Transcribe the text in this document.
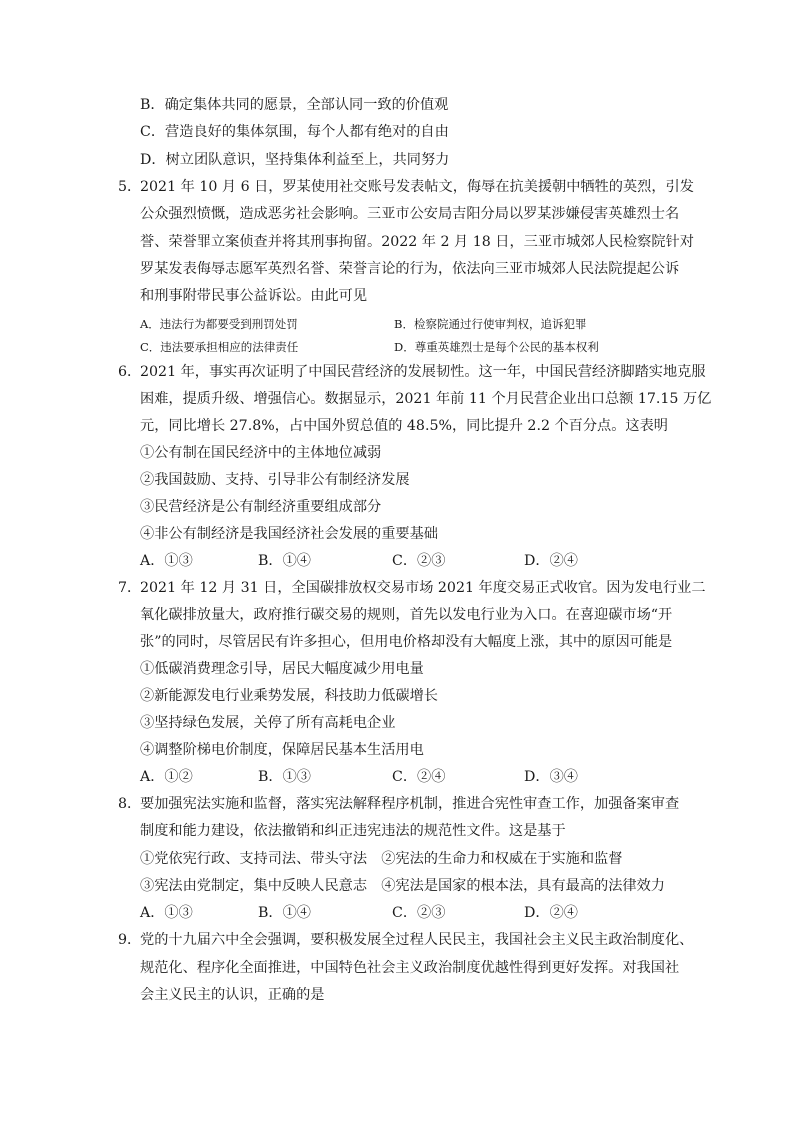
B．确定集体共同的愿景，全部认同一致的价值观
C．营造良好的集体氛围，每个人都有绝对的自由
D．树立团队意识，坚持集体利益至上，共同努力
5．2021 年 10 月 6 日，罗某使用社交账号发表帖文，侮辱在抗美援朝中牺牲的英烈，引发
公众强烈愤慨，造成恶劣社会影响。三亚市公安局吉阳分局以罗某涉嫌侵害英雄烈士名
誉、荣誉罪立案侦查并将其刑事拘留。2022 年 2 月 18 日，三亚市城郊人民检察院针对
罗某发表侮辱志愿军英烈名誉、荣誉言论的行为，依法向三亚市城郊人民法院提起公诉
和刑事附带民事公益诉讼。由此可见
A．违法行为都要受到刑罚处罚	B．检察院通过行使审判权，追诉犯罪
C．违法要承担相应的法律责任	D．尊重英雄烈士是每个公民的基本权利
6．2021 年，事实再次证明了中国民营经济的发展韧性。这一年，中国民营经济脚踏实地克服
困难，提质升级、增强信心。数据显示，2021 年前 11 个月民营企业出口总额 17.15 万亿
元，同比增长 27.8%，占中国外贸总值的 48.5%，同比提升 2.2 个百分点。这表明
①公有制在国民经济中的主体地位减弱
②我国鼓励、支持、引导非公有制经济发展
③民营经济是公有制经济重要组成部分
④非公有制经济是我国经济社会发展的重要基础
A．①③	B．①④	C．②③	D．②④
7．2021 年 12 月 31 日，全国碳排放权交易市场 2021 年度交易正式收官。因为发电行业二
氧化碳排放量大，政府推行碳交易的规则，首先以发电行业为入口。在喜迎碳市场“开
张”的同时，尽管居民有许多担心，但用电价格却没有大幅度上涨，其中的原因可能是
①低碳消费理念引导，居民大幅度减少用电量
②新能源发电行业乘势发展，科技助力低碳增长
③坚持绿色发展，关停了所有高耗电企业
④调整阶梯电价制度，保障居民基本生活用电
A．①②	B．①③	C．②④	D．③④
8．要加强宪法实施和监督，落实宪法解释程序机制，推进合宪性审查工作，加强备案审查
制度和能力建设，依法撤销和纠正违宪违法的规范性文件。这是基于
①党依宪行政、支持司法、带头守法　②宪法的生命力和权威在于实施和监督
③宪法由党制定，集中反映人民意志　④宪法是国家的根本法，具有最高的法律效力
A．①③	B．①④	C．②③	D．②④
9．党的十九届六中全会强调，要积极发展全过程人民民主，我国社会主义民主政治制度化、
规范化、程序化全面推进，中国特色社会主义政治制度优越性得到更好发挥。对我国社
会主义民主的认识，正确的是
